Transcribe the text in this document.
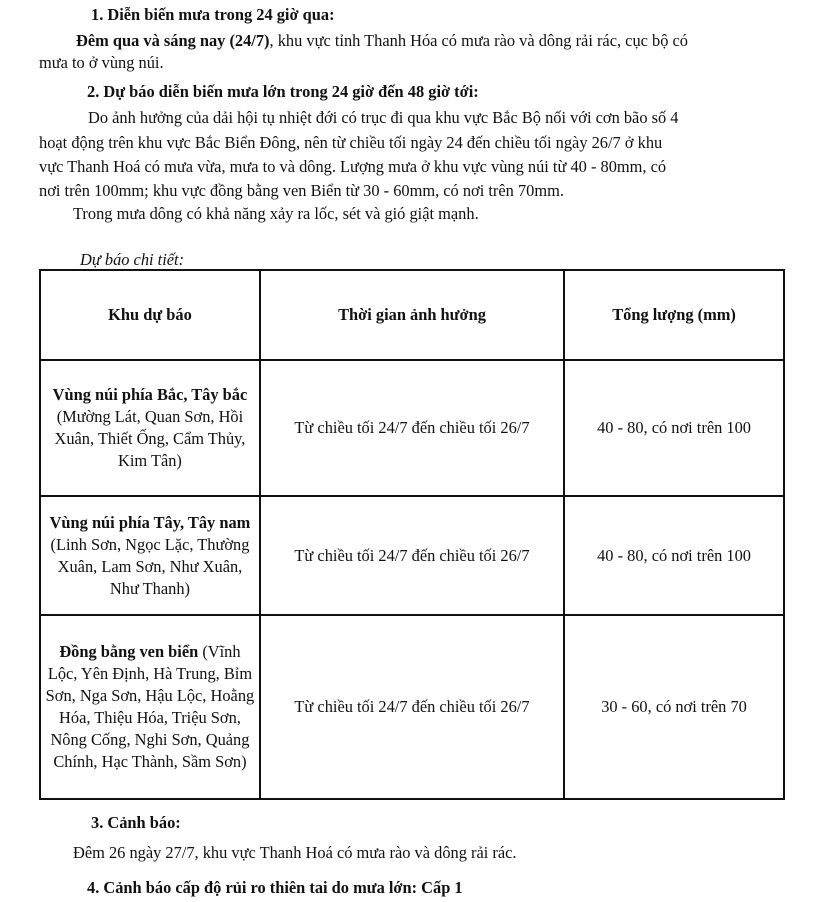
1. Diễn biến mưa trong 24 giờ qua:
Đêm qua và sáng nay (24/7), khu vực tỉnh Thanh Hóa có mưa rào và dông rải rác, cục bộ có
mưa to ở vùng núi.
2. Dự báo diễn biến mưa lớn trong 24 giờ đến 48 giờ tới:
Do ảnh hưởng của dải hội tụ nhiệt đới có trục đi qua khu vực Bắc Bộ nối với cơn bão số 4
hoạt động trên khu vực Bắc Biển Đông, nên từ chiều tối ngày 24 đến chiều tối ngày 26/7 ở khu
vực Thanh Hoá có mưa vừa, mưa to và dông. Lượng mưa ở khu vực vùng núi từ 40 - 80mm, có
nơi trên 100mm; khu vực đồng bằng ven Biển từ 30 - 60mm, có nơi trên 70mm.
Trong mưa dông có khả năng xảy ra lốc, sét và gió giật mạnh.
Dự báo chi tiết:
Khu dự báo	Thời gian ảnh hưởng	Tổng lượng (mm)
Vùng núi phía Bắc, Tây bắc (Mường Lát, Quan Sơn, Hồi Xuân, Thiết Ống, Cẩm Thủy, Kim Tân)	Từ chiều tối 24/7 đến chiều tối 26/7	40 - 80, có nơi trên 100
Vùng núi phía Tây, Tây nam (Linh Sơn, Ngọc Lặc, Thường Xuân, Lam Sơn, Như Xuân, Như Thanh)	Từ chiều tối 24/7 đến chiều tối 26/7	40 - 80, có nơi trên 100
Đồng bằng ven biển (Vĩnh Lộc, Yên Định, Hà Trung, Bỉm Sơn, Nga Sơn, Hậu Lộc, Hoằng Hóa, Thiệu Hóa, Triệu Sơn, Nông Cống, Nghi Sơn, Quảng Chính, Hạc Thành, Sầm Sơn)	Từ chiều tối 24/7 đến chiều tối 26/7	30 - 60, có nơi trên 70
3. Cảnh báo:
Đêm 26 ngày 27/7, khu vực Thanh Hoá có mưa rào và dông rải rác.
4. Cảnh báo cấp độ rủi ro thiên tai do mưa lớn: Cấp 1
